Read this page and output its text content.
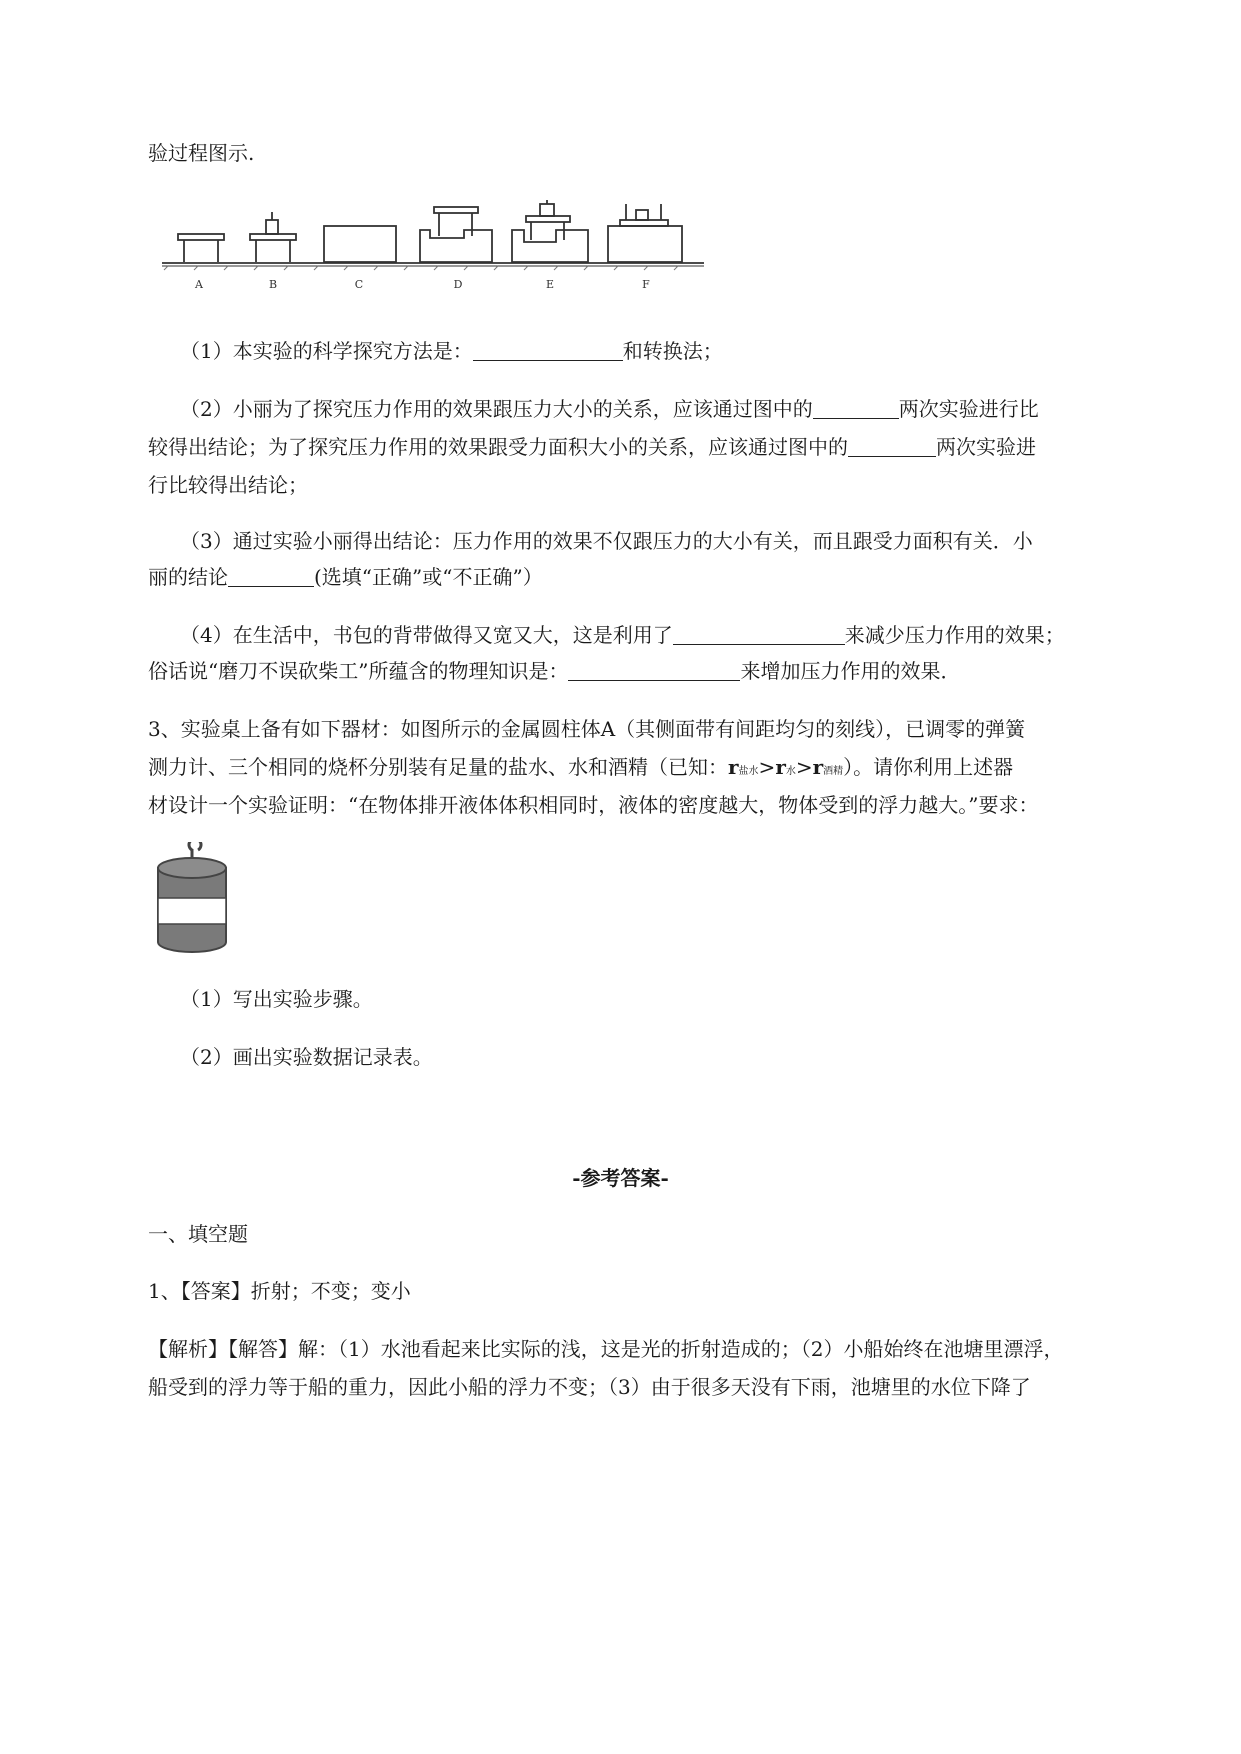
验过程图示.
A	B	C	D	E	F
（1）本实验的科学探究方法是：	和转换法；
（2）小丽为了探究压力作用的效果跟压力大小的关系，应该通过图中的	两次实验进行比
较得出结论；为了探究压力作用的效果跟受力面积大小的关系，应该通过图中的	两次实验进
行比较得出结论；
（3）通过实验小丽得出结论：压力作用的效果不仅跟压力的大小有关，而且跟受力面积有关．小
丽的结论	(选填“正确”或“不正确”）
（4）在生活中，书包的背带做得又宽又大，这是利用了	来减少压力作用的效果；
俗话说“磨刀不误砍柴工”所蕴含的物理知识是：	来增加压力作用的效果．
3、实验桌上备有如下器材：如图所示的金属圆柱体A（其侧面带有间距均匀的刻线），已调零的弹簧
测力计、三个相同的烧杯分别装有足量的盐水、水和酒精（已知：r盐水>r水>r酒精）。请你利用上述器
材设计一个实验证明：“在物体排开液体体积相同时，液体的密度越大，物体受到的浮力越大。”要求：
（1）写出实验步骤。
（2）画出实验数据记录表。
-参考答案-
一、填空题
1、【答案】折射；不变；变小
【解析】【解答】解：（1）水池看起来比实际的浅，这是光的折射造成的；（2）小船始终在池塘里漂浮，
船受到的浮力等于船的重力，因此小船的浮力不变；（3）由于很多天没有下雨，池塘里的水位下降了
